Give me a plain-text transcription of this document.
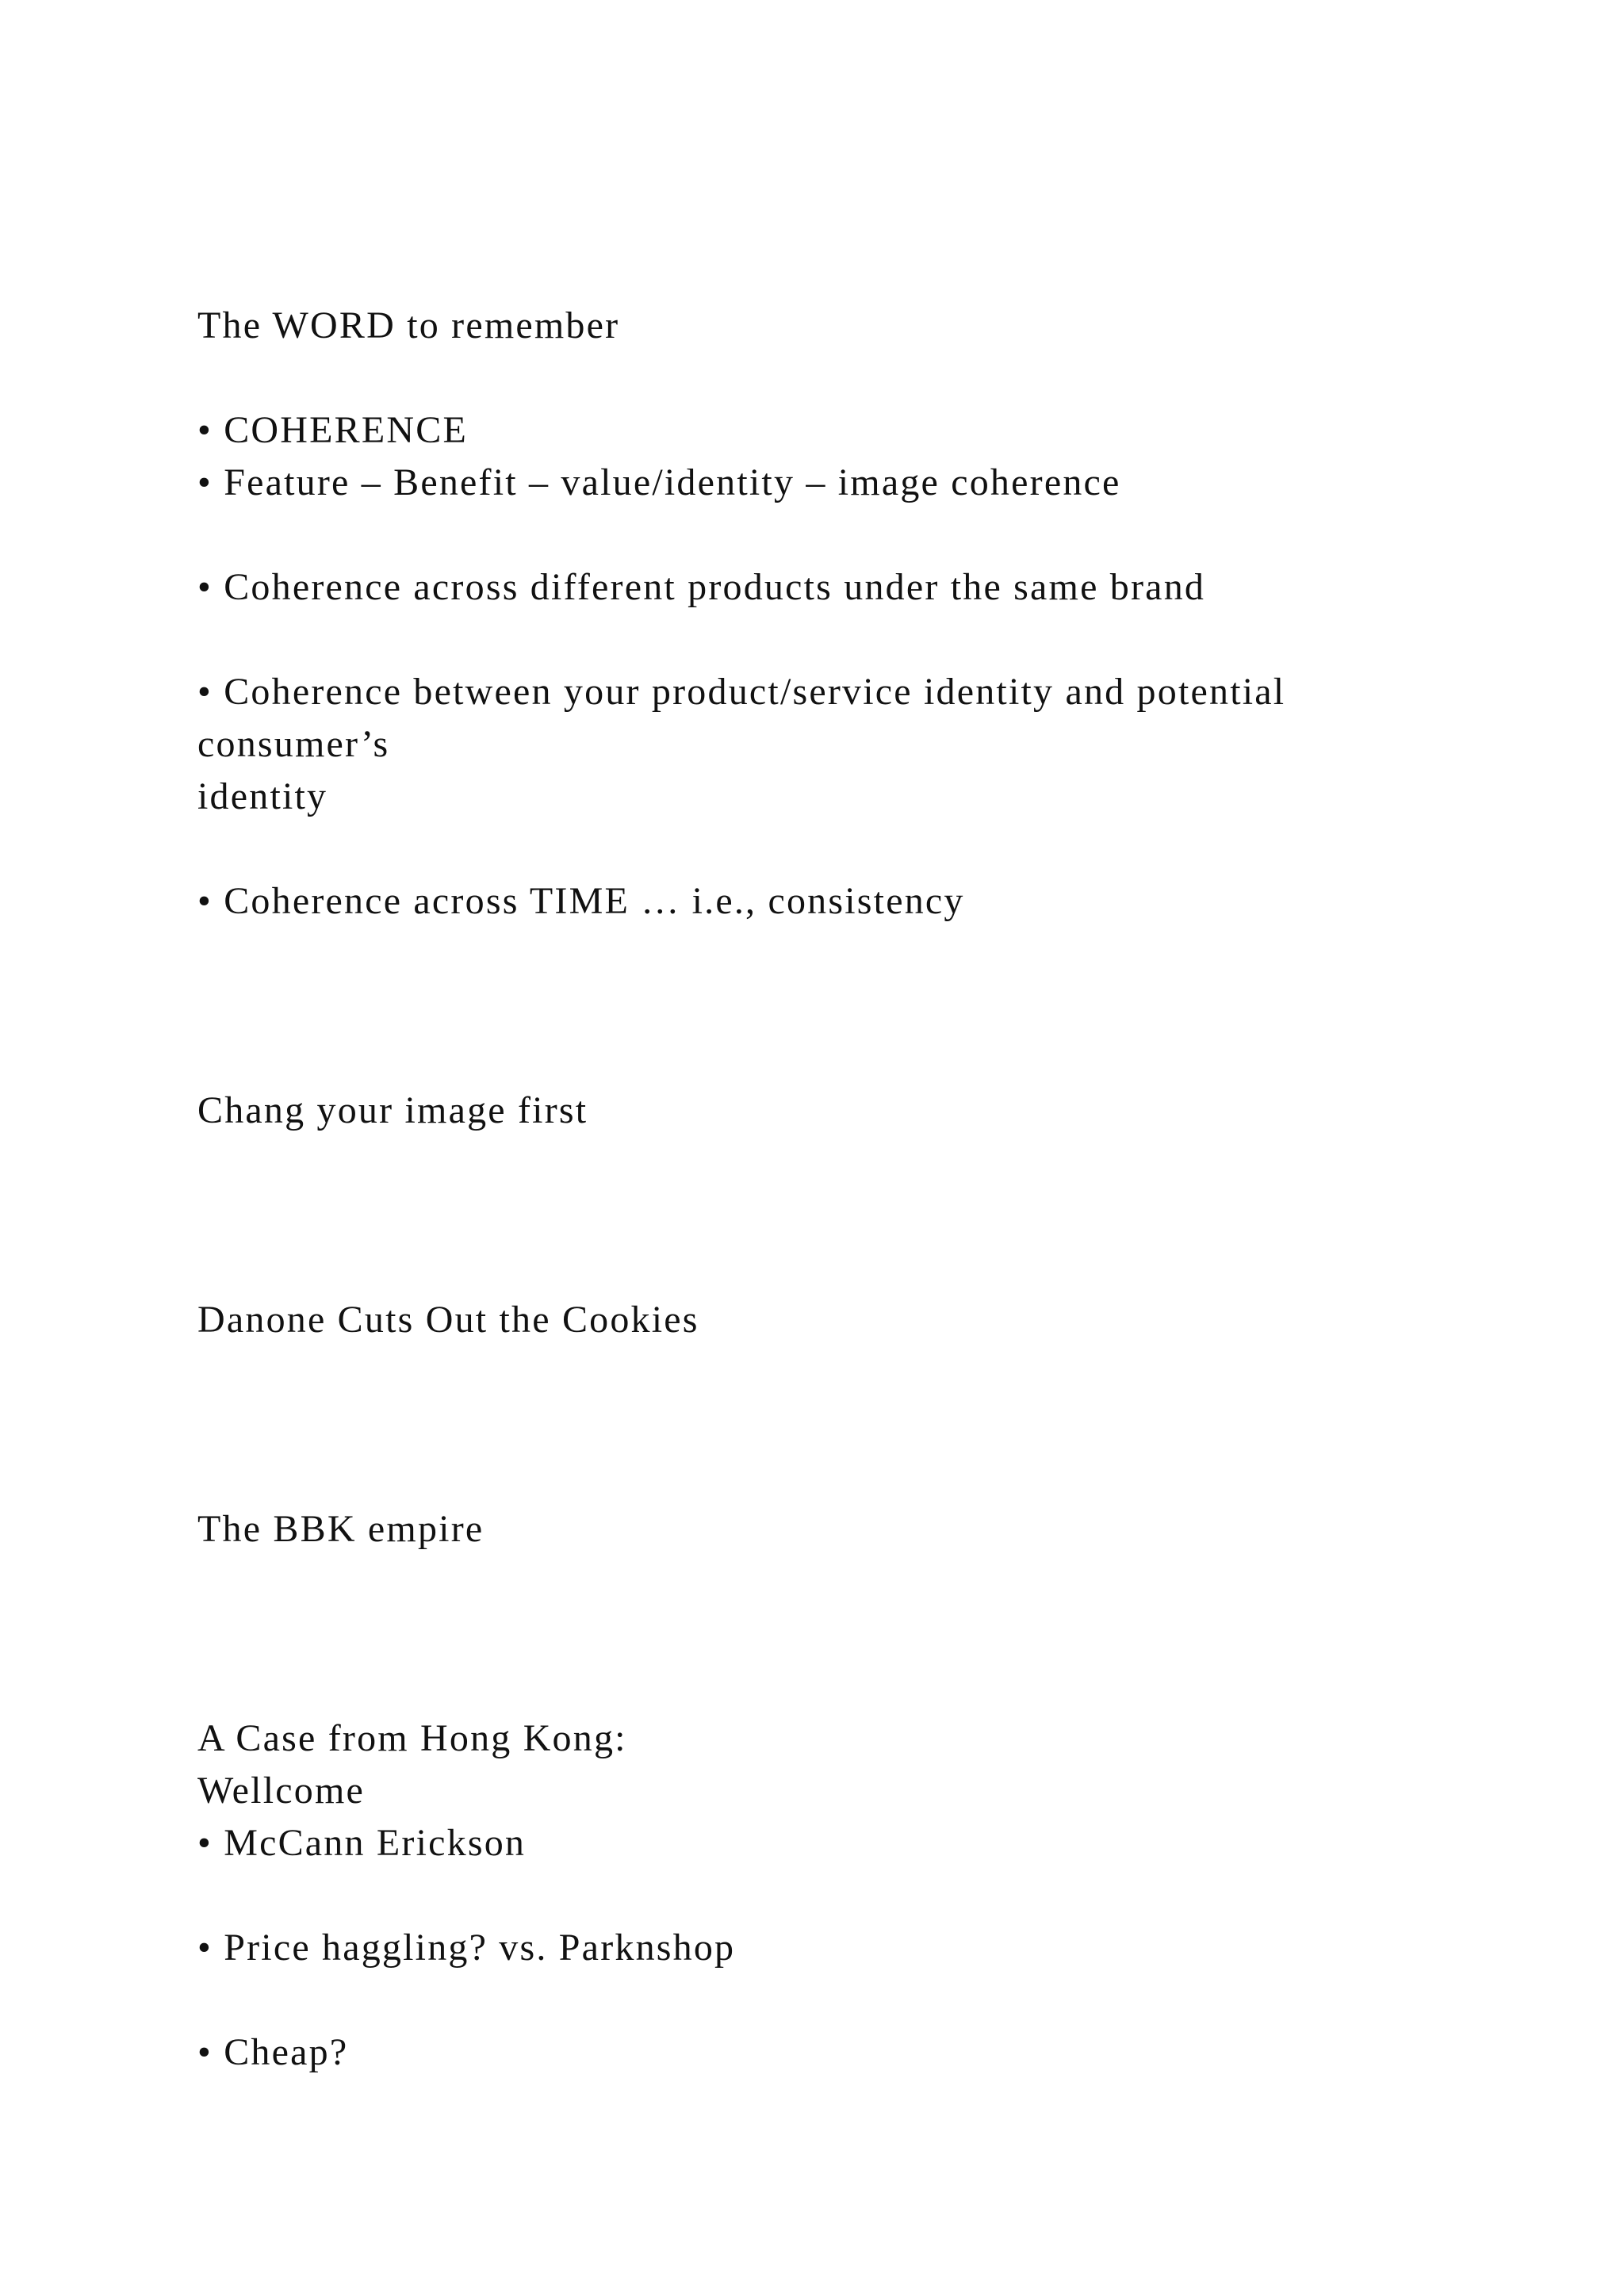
The WORD to remember
• COHERENCE
• Feature – Benefit – value/identity – image coherence
• Coherence across different products under the same brand
• Coherence between your product/service identity and potential
consumer’s
identity
• Coherence across TIME … i.e., consistency
Chang your image first
Danone Cuts Out the Cookies
The BBK empire
A Case from Hong Kong:
Wellcome
• McCann Erickson
• Price haggling? vs. Parknshop
• Cheap?
